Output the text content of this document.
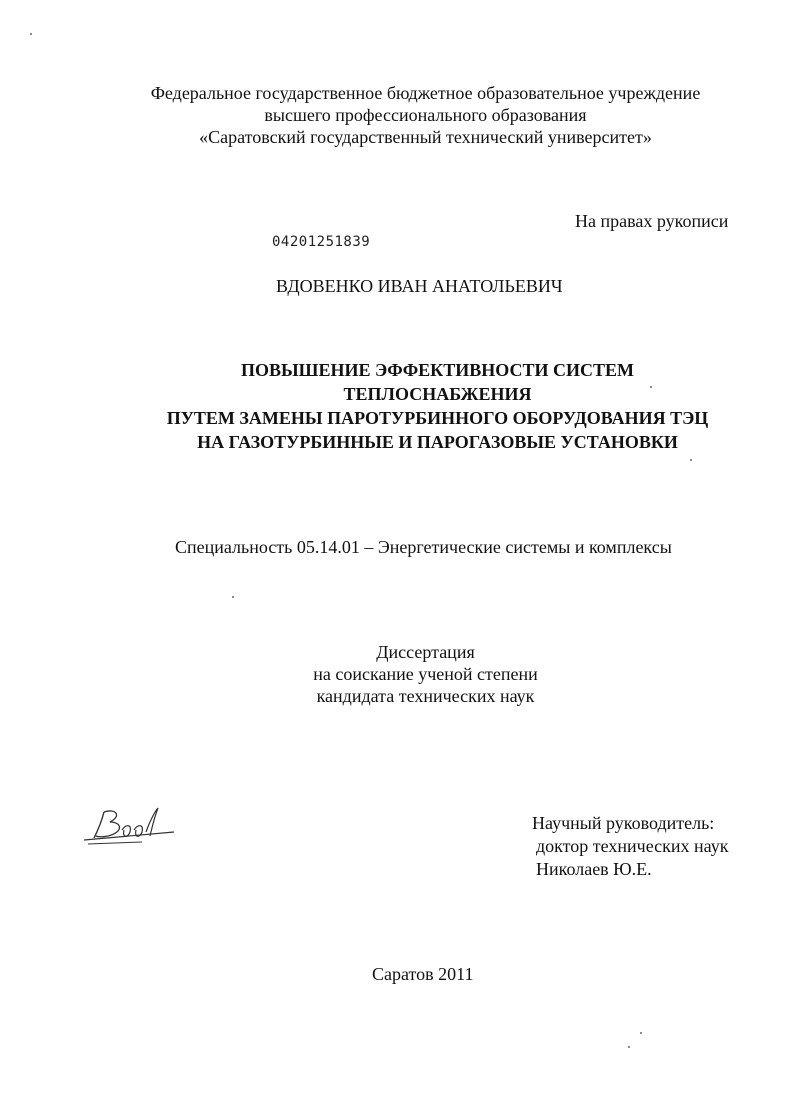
Федеральное государственное бюджетное образовательное учреждение
высшего профессионального образования
«Саратовский государственный технический университет»
На правах рукописи
04201251839
ВДОВЕНКО ИВАН АНАТОЛЬЕВИЧ
ПОВЫШЕНИЕ ЭФФЕКТИВНОСТИ СИСТЕМ
ТЕПЛОСНАБЖЕНИЯ
ПУТЕМ ЗАМЕНЫ ПАРОТУРБИННОГО ОБОРУДОВАНИЯ ТЭЦ
НА ГАЗОТУРБИННЫЕ И ПАРОГАЗОВЫЕ УСТАНОВКИ
Специальность 05.14.01 – Энергетические системы и комплексы
Диссертация
на соискание ученой степени
кандидата технических наук
Научный руководитель:
доктор технических наук
Николаев Ю.Е.
Саратов 2011
